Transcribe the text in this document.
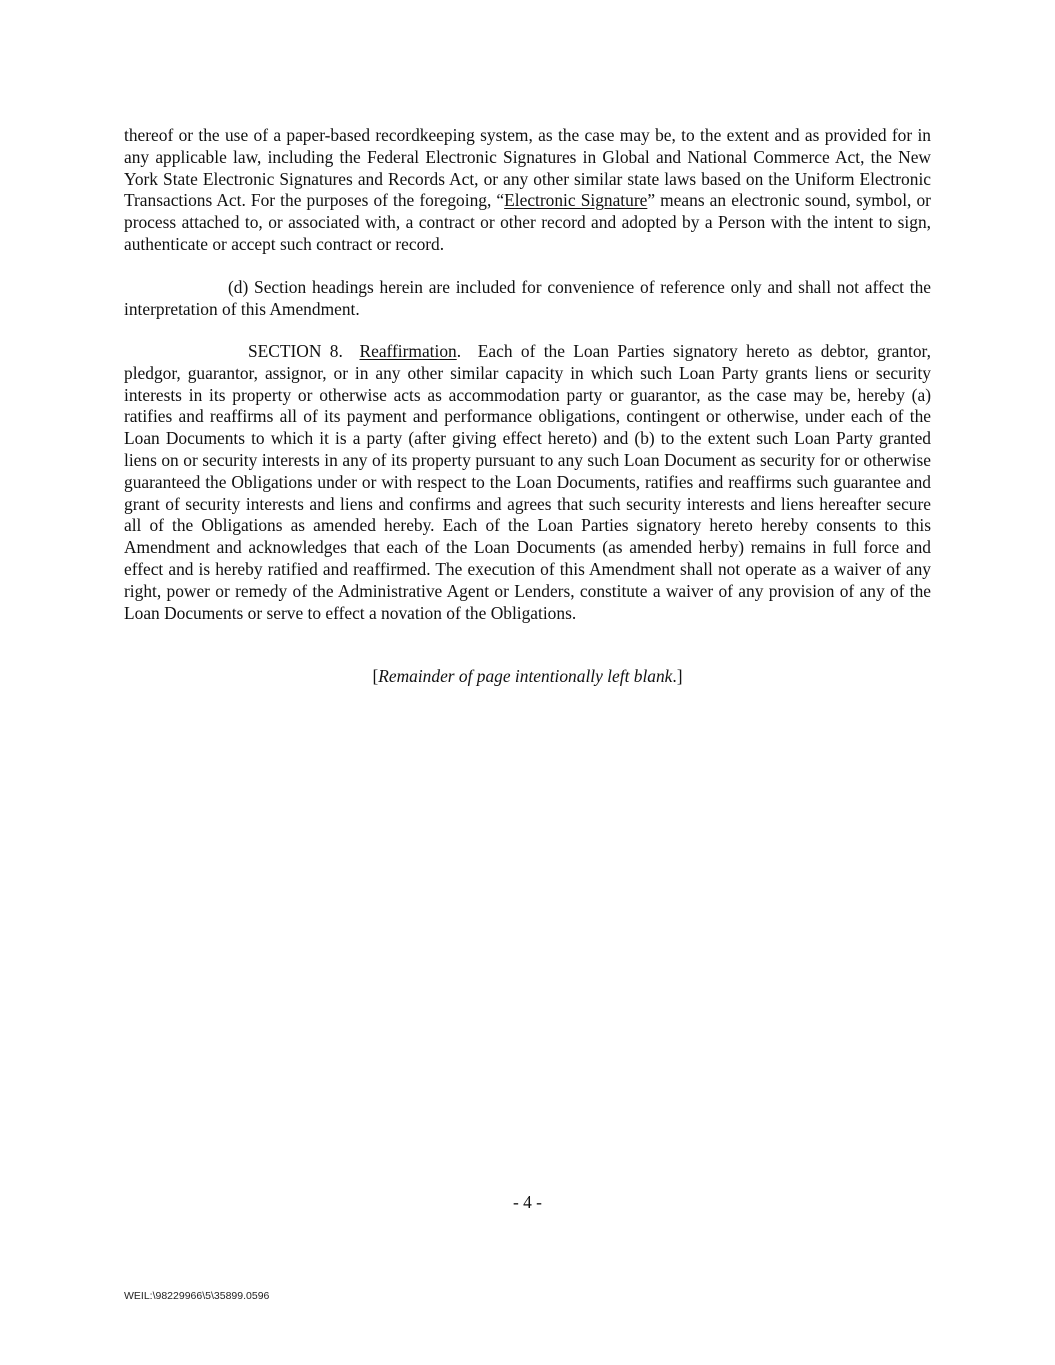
thereof or the use of a paper-based recordkeeping system, as the case may be, to the extent and as provided for in any applicable law, including the Federal Electronic Signatures in Global and National Commerce Act, the New York State Electronic Signatures and Records Act, or any other similar state laws based on the Uniform Electronic Transactions Act. For the purposes of the foregoing, “Electronic Signature” means an electronic sound, symbol, or process attached to, or associated with, a contract or other record and adopted by a Person with the intent to sign, authenticate or accept such contract or record.

(d) Section headings herein are included for convenience of reference only and shall not affect the interpretation of this Amendment.

SECTION 8. Reaffirmation. Each of the Loan Parties signatory hereto as debtor, grantor, pledgor, guarantor, assignor, or in any other similar capacity in which such Loan Party grants liens or security interests in its property or otherwise acts as accommodation party or guarantor, as the case may be, hereby (a) ratifies and reaffirms all of its payment and performance obligations, contingent or otherwise, under each of the Loan Documents to which it is a party (after giving effect hereto) and (b) to the extent such Loan Party granted liens on or security interests in any of its property pursuant to any such Loan Document as security for or otherwise guaranteed the Obligations under or with respect to the Loan Documents, ratifies and reaffirms such guarantee and grant of security interests and liens and confirms and agrees that such security interests and liens hereafter secure all of the Obligations as amended hereby. Each of the Loan Parties signatory hereto hereby consents to this Amendment and acknowledges that each of the Loan Documents (as amended herby) remains in full force and effect and is hereby ratified and reaffirmed. The execution of this Amendment shall not operate as a waiver of any right, power or remedy of the Administrative Agent or Lenders, constitute a waiver of any provision of any of the Loan Documents or serve to effect a novation of the Obligations.

[Remainder of page intentionally left blank.]
- 4 -
WEIL:\98229966\5\35899.0596
